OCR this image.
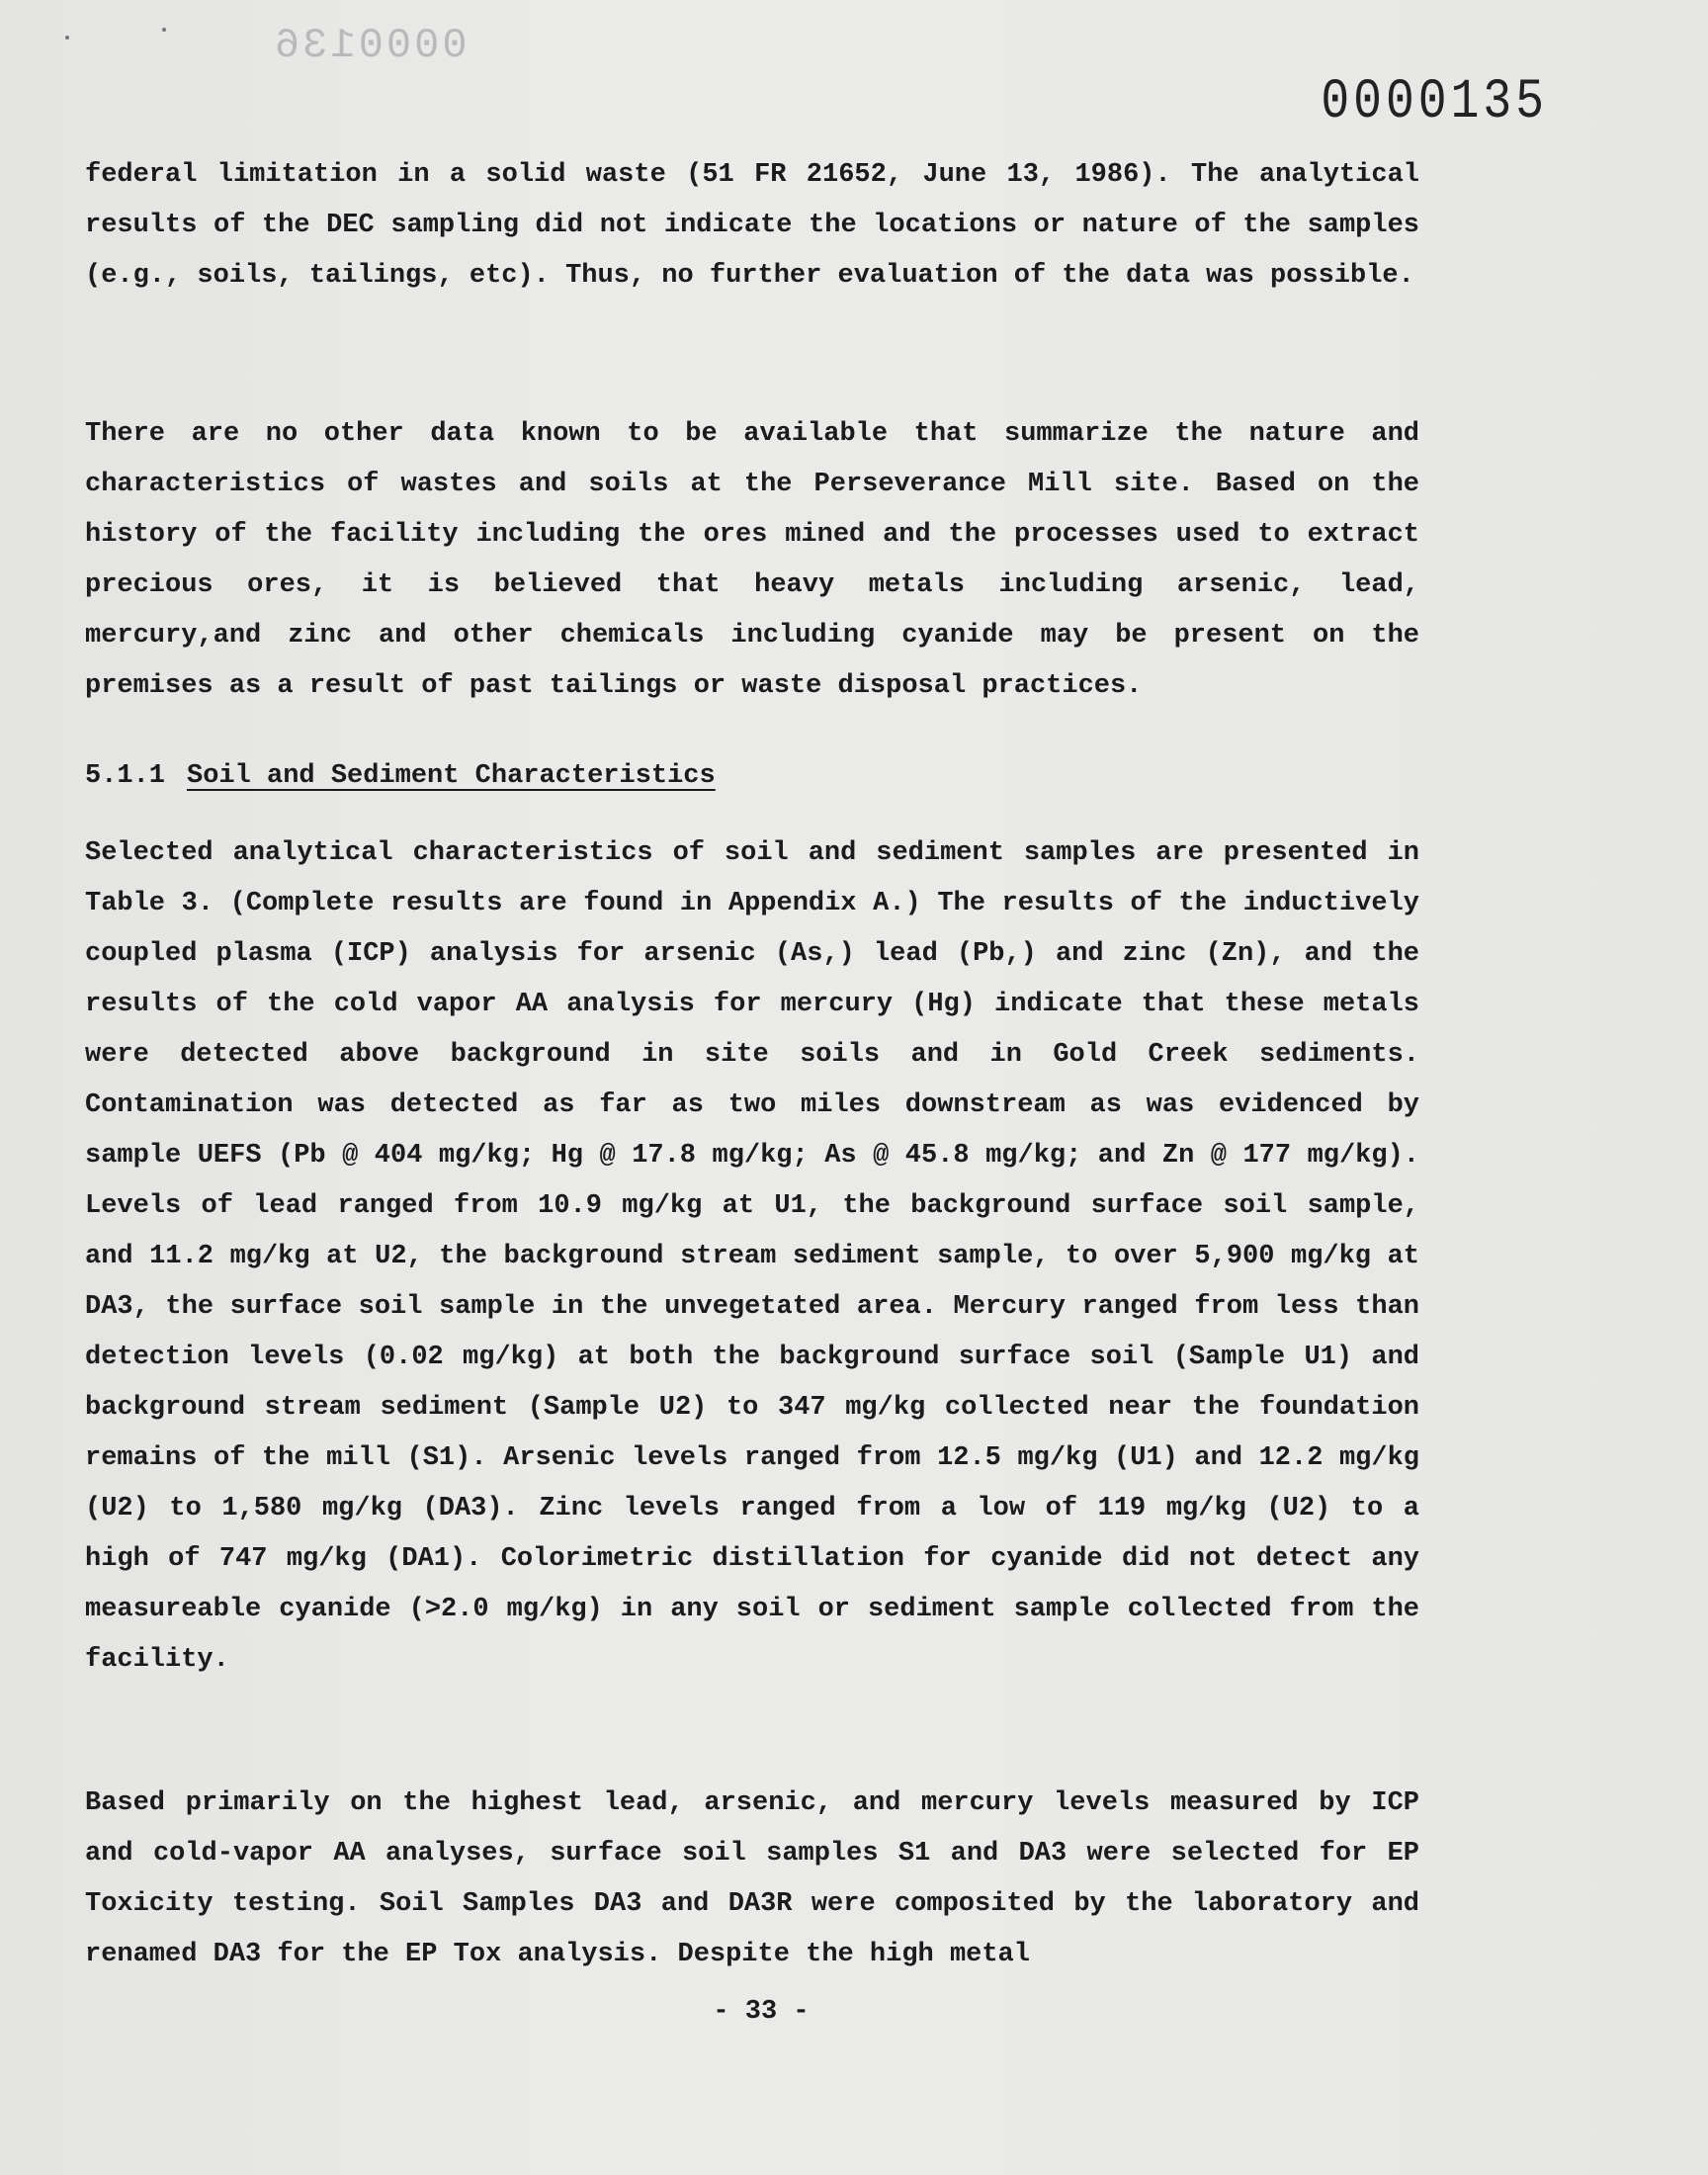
0000136
0000135

federal limitation in a solid waste (51 FR 21652, June 13, 1986). The analytical results of the DEC sampling did not indicate the locations or nature of the samples (e.g., soils, tailings, etc). Thus, no further evaluation of the data was possible.

There are no other data known to be available that summarize the nature and characteristics of wastes and soils at the Perseverance Mill site. Based on the history of the facility including the ores mined and the processes used to extract precious ores, it is believed that heavy metals including arsenic, lead, mercury,and zinc and other chemicals including cyanide may be present on the premises as a result of past tailings or waste disposal practices.

5.1.1 Soil and Sediment Characteristics

Selected analytical characteristics of soil and sediment samples are presented in Table 3. (Complete results are found in Appendix A.) The results of the inductively coupled plasma (ICP) analysis for arsenic (As,) lead (Pb,) and zinc (Zn), and the results of the cold vapor AA analysis for mercury (Hg) indicate that these metals were detected above background in site soils and in Gold Creek sediments. Contamination was detected as far as two miles downstream as was evidenced by sample UEFS (Pb @ 404 mg/kg; Hg @ 17.8 mg/kg; As @ 45.8 mg/kg; and Zn @ 177 mg/kg). Levels of lead ranged from 10.9 mg/kg at U1, the background surface soil sample, and 11.2 mg/kg at U2, the background stream sediment sample, to over 5,900 mg/kg at DA3, the surface soil sample in the unvegetated area. Mercury ranged from less than detection levels (0.02 mg/kg) at both the background surface soil (Sample U1) and background stream sediment (Sample U2) to 347 mg/kg collected near the foundation remains of the mill (S1). Arsenic levels ranged from 12.5 mg/kg (U1) and 12.2 mg/kg (U2) to 1,580 mg/kg (DA3). Zinc levels ranged from a low of 119 mg/kg (U2) to a high of 747 mg/kg (DA1). Colorimetric distillation for cyanide did not detect any measureable cyanide (>2.0 mg/kg) in any soil or sediment sample collected from the facility.

Based primarily on the highest lead, arsenic, and mercury levels measured by ICP and cold-vapor AA analyses, surface soil samples S1 and DA3 were selected for EP Toxicity testing. Soil Samples DA3 and DA3R were composited by the laboratory and renamed DA3 for the EP Tox analysis. Despite the high metal

- 33 -
